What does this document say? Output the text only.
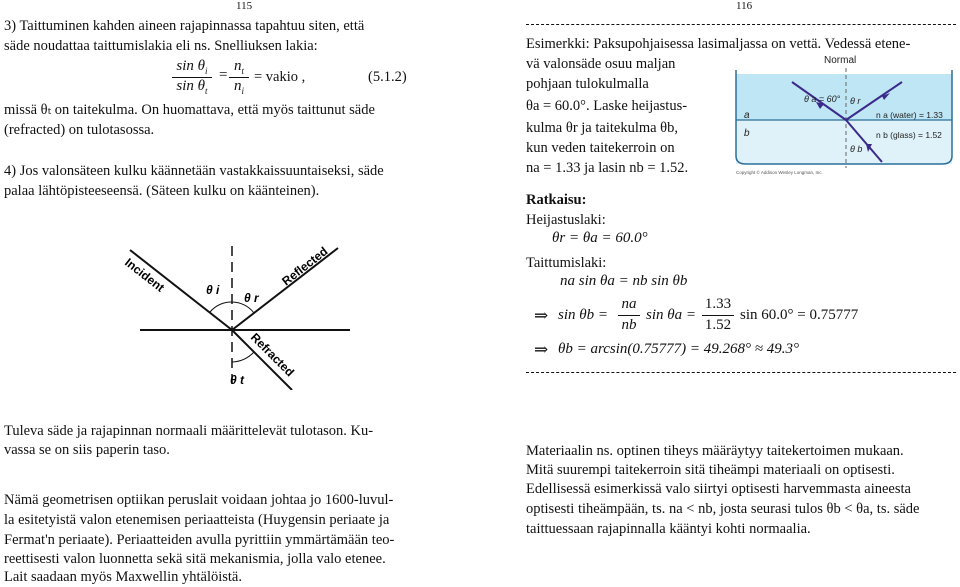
115
3) Taittuminen kahden aineen rajapinnassa tapahtuu siten, että
säde noudattaa taittumislakia eli ns. Snelliuksen lakia:
$\sin \theta_i$
$\sin \theta_t$
=
$n_t$
$n_i$
= vakio ,	(5.1.2)
missä θₜ on taitekulma. On huomattava, että myös taittunut säde
(refracted) on tulotasossa.
4) Jos valonsäteen kulku käännetään vastakkaissuuntaiseksi, säde
palaa lähtöpisteeseensä. (Säteen kulku on käänteinen).
Incident	Reflected
Refracted
θ i
θ r
θ t
Tuleva säde ja rajapinnan normaali määrittelevät tulotason. Ku-
vassa se on siis paperin taso.
Nämä geometrisen optiikan peruslait voidaan johtaa jo 1600-luvul-
la esitetyistä valon etenemisen periaatteista (Huygensin periaate ja
Fermat'n periaate). Periaatteiden avulla pyrittiin ymmärtämään teo-
reettisesti valon luonnetta sekä sitä mekanismia, jolla valo etenee.
Lait saadaan myös Maxwellin yhtälöistä.
116
Esimerkki: Paksupohjaisessa lasimaljassa on vettä. Vedessä etene-
vä valonsäde osuu maljan
pohjaan tulokulmalla
θa = 60.0°. Laske heijastus-
kulma θr ja taitekulma θb,
kun veden taitekerroin on
na = 1.33 ja lasin nb = 1.52.
Normal
θ a = 60° θ r
θ b
a
b
n a (water) = 1.33
n b (glass) = 1.52
Copyright © Addison Wesley Longman, Inc.
Ratkaisu:
Heijastuslaki:
θr = θa = 60.0°
Taittumislaki:
na sin θa = nb sin θb
⇒ sin θb =
na
nb
sin θa =
1.33
1.52
sin 60.0° = 0.75777
⇒ θb = arcsin(0.75777) = 49.268° ≈ 49.3°
Materiaalin ns. optinen tiheys määräytyy taitekertoimen mukaan.
Mitä suurempi taitekerroin sitä tiheämpi materiaali on optisesti.
Edellisessä esimerkissä valo siirtyi optisesti harvemmasta aineesta
optisesti tiheämpään, ts. na < nb, josta seurasi tulos θb < θa, ts. säde
taittuessaan rajapinnalla kääntyi kohti normaalia.
